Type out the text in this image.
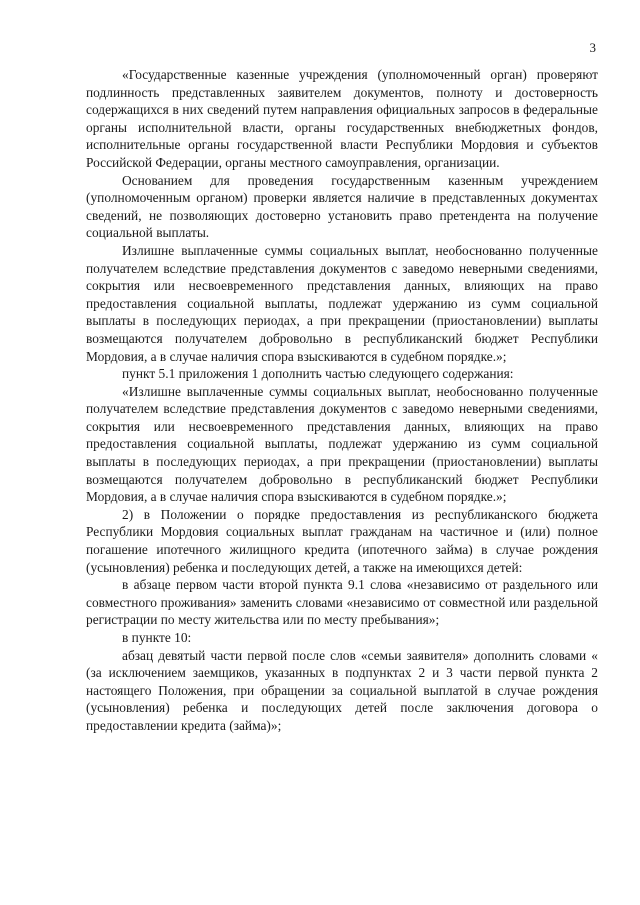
3

«Государственные казенные учреждения (уполномоченный орган) проверяют подлинность представленных заявителем документов, полноту и достоверность содержащихся в них сведений путем направления официальных запросов в федеральные органы исполнительной власти, органы государственных внебюджетных фондов, исполнительные органы государственной власти Республики Мордовия и субъектов Российской Федерации, органы местного самоуправления, организации.

Основанием для проведения государственным казенным учреждением (уполномоченным органом) проверки является наличие в представленных документах сведений, не позволяющих достоверно установить право претендента на получение социальной выплаты.

Излишне выплаченные суммы социальных выплат, необоснованно полученные получателем вследствие представления документов с заведомо неверными сведениями, сокрытия или несвоевременного представления данных, влияющих на право предоставления социальной выплаты, подлежат удержанию из сумм социальной выплаты в последующих периодах, а при прекращении (приостановлении) выплаты возмещаются получателем добровольно в республиканский бюджет Республики Мордовия, а в случае наличия спора взыскиваются в судебном порядке.»;

пункт 5.1 приложения 1 дополнить частью следующего содержания:

«Излишне выплаченные суммы социальных выплат, необоснованно полученные получателем вследствие представления документов с заведомо неверными сведениями, сокрытия или несвоевременного представления данных, влияющих на право предоставления социальной выплаты, подлежат удержанию из сумм социальной выплаты в последующих периодах, а при прекращении (приостановлении) выплаты возмещаются получателем добровольно в республиканский бюджет Республики Мордовия, а в случае наличия спора взыскиваются в судебном порядке.»;

2) в Положении о порядке предоставления из республиканского бюджета Республики Мордовия социальных выплат гражданам на частичное и (или) полное погашение ипотечного жилищного кредита (ипотечного займа) в случае рождения (усыновления) ребенка и последующих детей, а также на имеющихся детей:

в абзаце первом части второй пункта 9.1 слова «независимо от раздельного или совместного проживания» заменить словами «независимо от совместной или раздельной регистрации по месту жительства или по месту пребывания»;

в пункте 10:

абзац девятый части первой после слов «семьи заявителя» дополнить словами « (за исключением заемщиков, указанных в подпунктах 2 и 3 части первой пункта 2 настоящего Положения, при обращении за социальной выплатой в случае рождения (усыновления) ребенка и последующих детей после заключения договора о предоставлении кредита (займа)»;
